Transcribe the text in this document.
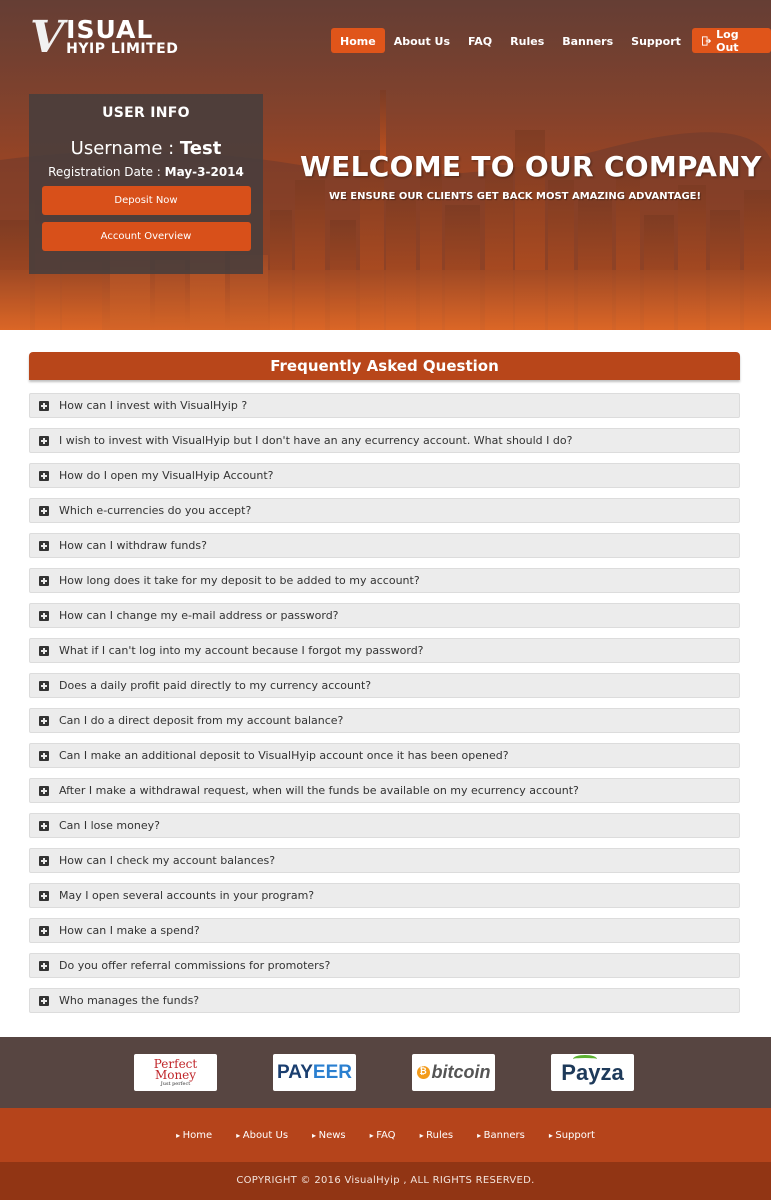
V ISUAL
HYIP LIMITED	Home	About Us	FAQ	Rules	Banners	Support
Log Out
USER INFO
Username : Test
Registration Date : May-3-2014
Deposit Now
Account Overview
WELCOME TO OUR COMPANY
WE ENSURE OUR CLIENTS GET BACK MOST AMAZING ADVANTAGE!
Frequently Asked Question
How can I invest with VisualHyip ?
I wish to invest with VisualHyip but I don't have an any ecurrency account. What should I do?
How do I open my VisualHyip Account?
Which e-currencies do you accept?
How can I withdraw funds?
How long does it take for my deposit to be added to my account?
How can I change my e-mail address or password?
What if I can't log into my account because I forgot my password?
Does a daily profit paid directly to my currency account?
Can I do a direct deposit from my account balance?
Can I make an additional deposit to VisualHyip account once it has been opened?
After I make a withdrawal request, when will the funds be available on my ecurrency account?
Can I lose money?
How can I check my account balances?
May I open several accounts in your program?
How can I make a spend?
Do you offer referral commissions for promoters?
Who manages the funds?
Perfect
Money
Just perfect
PAYEER	₿ bitcoin	Payza
▸ Home	▸ About Us	▸ News	▸ FAQ	▸ Rules	▸ Banners	▸ Support
COPYRIGHT © 2016 VisualHyip , ALL RIGHTS RESERVED.
